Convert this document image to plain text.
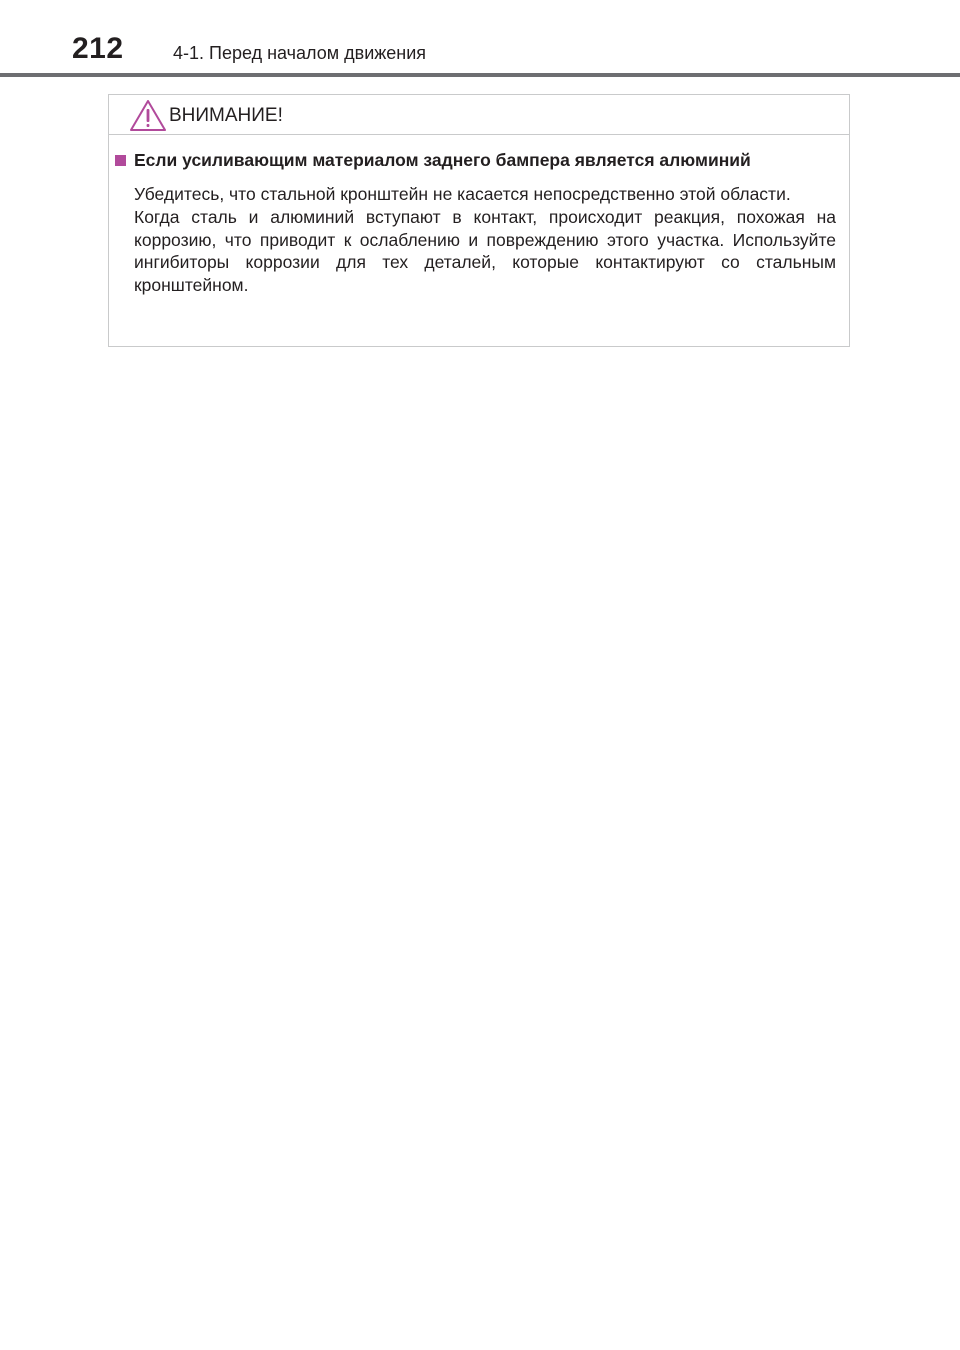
212	4-1. Перед началом движения
ВНИМАНИЕ!
Если усиливающим материалом заднего бампера является алюминий

Убедитесь, что стальной кронштейн не касается непосредственно этой области.

Когда сталь и алюминий вступают в контакт, происходит реакция, похожая на коррозию, что приводит к ослаблению и повреждению этого участка. Используйте ингибиторы коррозии для тех деталей, которые контактируют со стальным кронштейном.
